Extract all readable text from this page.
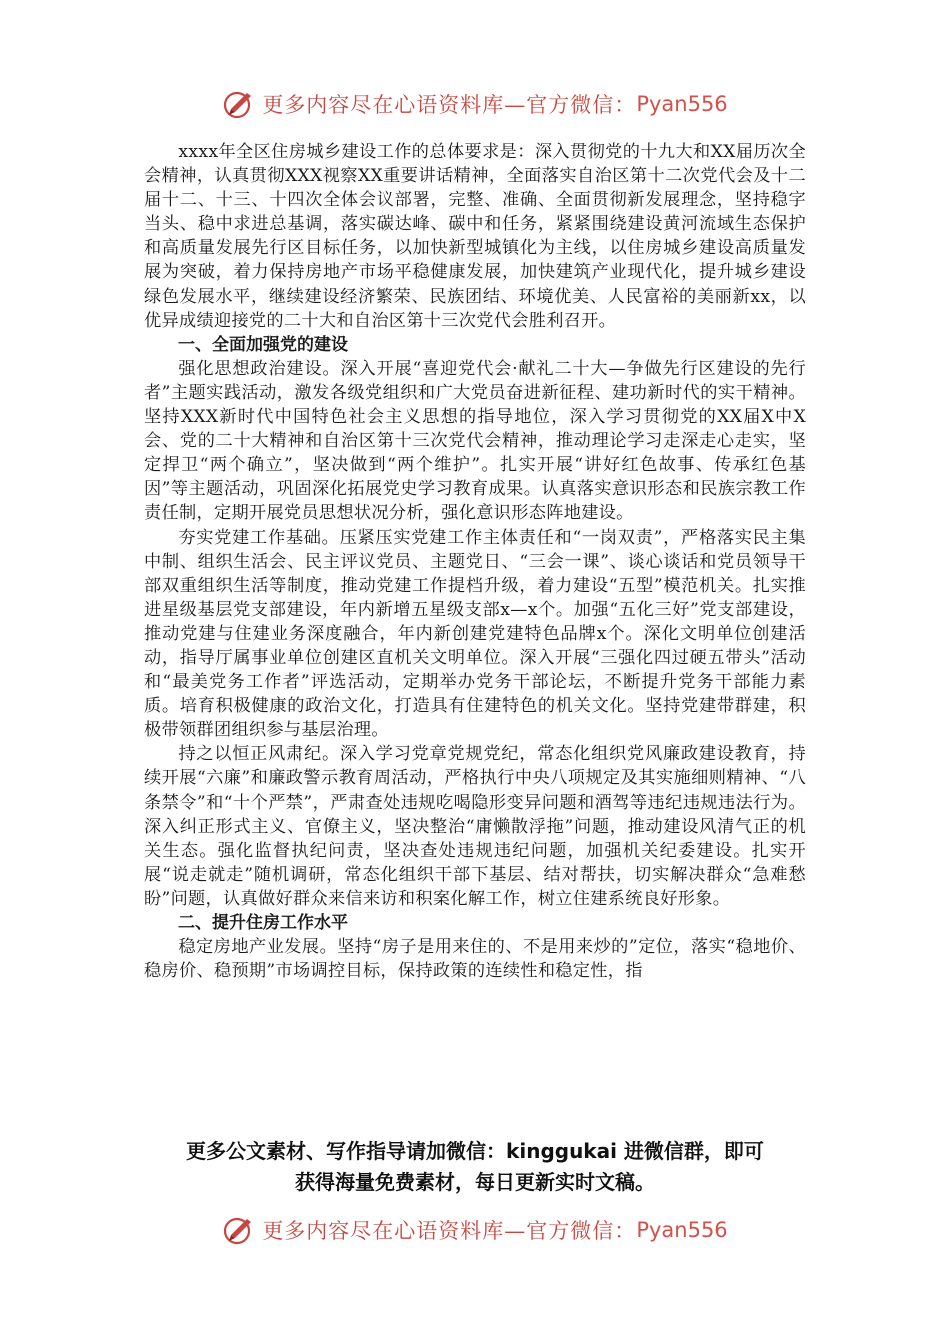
更多内容尽在心语资料库—官方微信： Pyan556

xxxx年全区住房城乡建设工作的总体要求是：深入贯彻党的十九大和XX届历次全会精神，认真贯彻XXX视察XX重要讲话精神，全面落实自治区第十二次党代会及十二届十二、十三、十四次全体会议部署，完整、准确、全面贯彻新发展理念，坚持稳字当头、稳中求进总基调，落实碳达峰、碳中和任务，紧紧围绕建设黄河流域生态保护和高质量发展先行区目标任务，以加快新型城镇化为主线，以住房城乡建设高质量发展为突破，着力保持房地产市场平稳健康发展，加快建筑产业现代化，提升城乡建设绿色发展水平，继续建设经济繁荣、民族团结、环境优美、人民富裕的美丽新xx，以优异成绩迎接党的二十大和自治区第十三次党代会胜利召开。

一、全面加强党的建设

强化思想政治建设。深入开展“喜迎党代会·献礼二十大—争做先行区建设的先行者”主题实践活动，激发各级党组织和广大党员奋进新征程、建功新时代的实干精神。坚持XXX新时代中国特色社会主义思想的指导地位，深入学习贯彻党的XX届X中X会、党的二十大精神和自治区第十三次党代会精神，推动理论学习走深走心走实，坚定捍卫“两个确立”，坚决做到“两个维护”。扎实开展“讲好红色故事、传承红色基因”等主题活动，巩固深化拓展党史学习教育成果。认真落实意识形态和民族宗教工作责任制，定期开展党员思想状况分析，强化意识形态阵地建设。

夯实党建工作基础。压紧压实党建工作主体责任和“一岗双责”，严格落实民主集中制、组织生活会、民主评议党员、主题党日、“三会一课”、谈心谈话和党员领导干部双重组织生活等制度，推动党建工作提档升级，着力建设“五型”模范机关。扎实推进星级基层党支部建设，年内新增五星级支部x—x个。加强“五化三好”党支部建设，推动党建与住建业务深度融合，年内新创建党建特色品牌x个。深化文明单位创建活动，指导厅属事业单位创建区直机关文明单位。深入开展“三强化四过硬五带头”活动和“最美党务工作者”评选活动，定期举办党务干部论坛，不断提升党务干部能力素质。培育积极健康的政治文化，打造具有住建特色的机关文化。坚持党建带群建，积极带领群团组织参与基层治理。

持之以恒正风肃纪。深入学习党章党规党纪，常态化组织党风廉政建设教育，持续开展“六廉”和廉政警示教育周活动，严格执行中央八项规定及其实施细则精神、“八条禁令”和“十个严禁”，严肃查处违规吃喝隐形变异问题和酒驾等违纪违规违法行为。深入纠正形式主义、官僚主义，坚决整治“庸懒散浮拖”问题，推动建设风清气正的机关生态。强化监督执纪问责，坚决查处违规违纪问题，加强机关纪委建设。扎实开展“说走就走”随机调研，常态化组织干部下基层、结对帮扶，切实解决群众“急难愁盼”问题，认真做好群众来信来访和积案化解工作，树立住建系统良好形象。

二、提升住房工作水平

稳定房地产业发展。坚持“房子是用来住的、不是用来炒的”定位，落实“稳地价、稳房价、稳预期”市场调控目标，保持政策的连续性和稳定性，指

更多公文素材、写作指导请加微信：kinggukai 进微信群，即可
获得海量免费素材，每日更新实时文稿。
更多内容尽在心语资料库—官方微信： Pyan556
